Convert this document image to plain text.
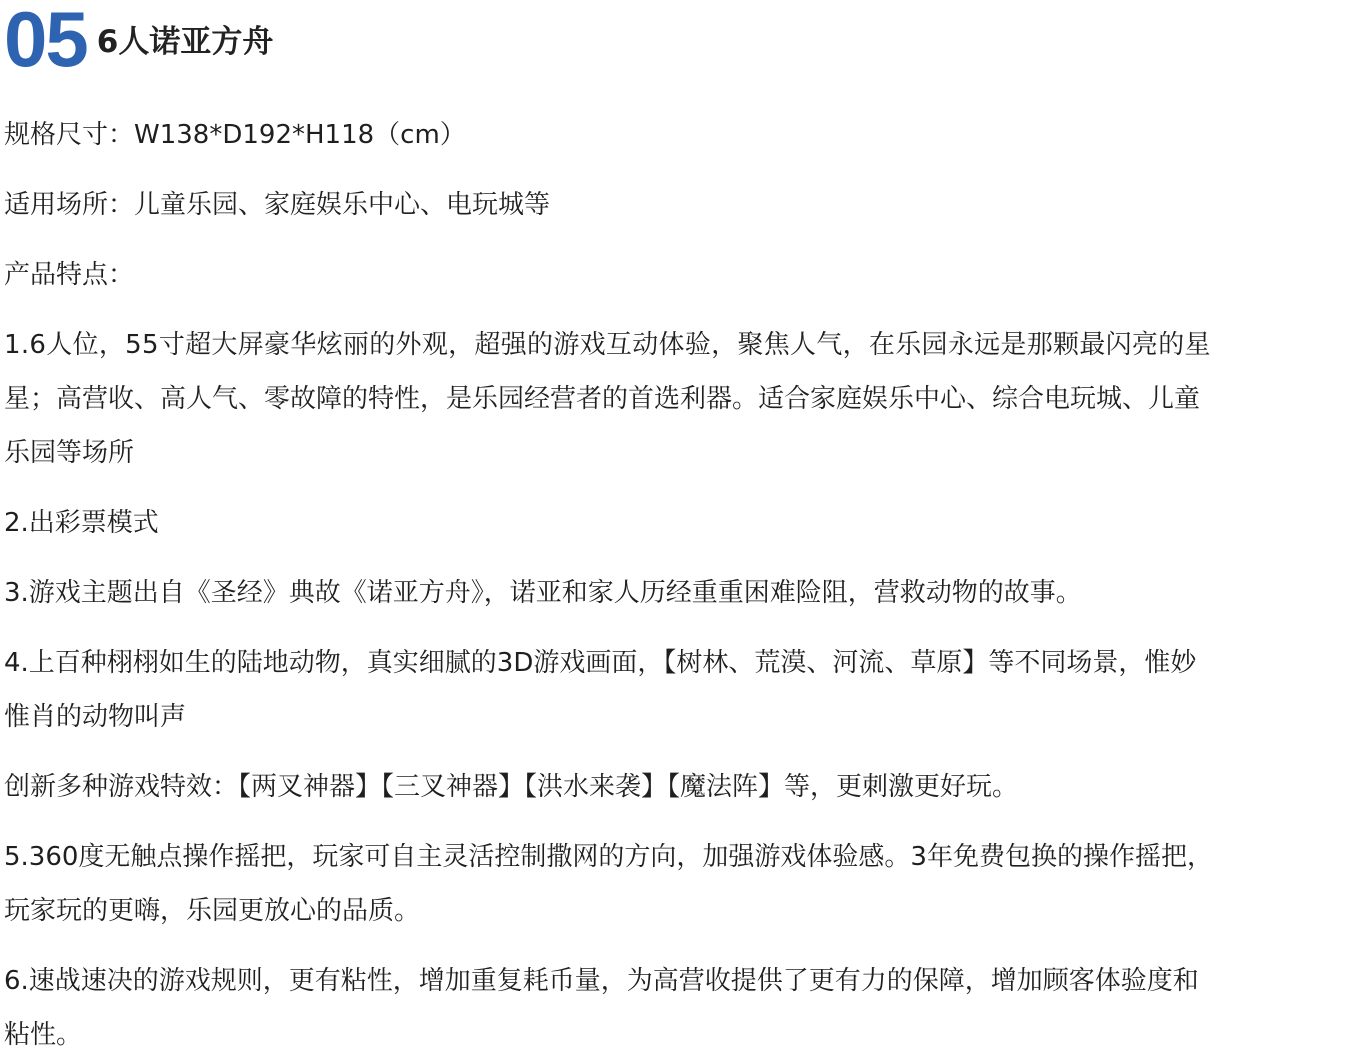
05 6人诺亚方舟

规格尺寸：W138*D192*H118（cm）

适用场所：儿童乐园、家庭娱乐中心、电玩城等

产品特点：

1.6人位，55寸超大屏豪华炫丽的外观，超强的游戏互动体验，聚焦人气，在乐园永远是那颗最闪亮的星

星；高营收、高人气、零故障的特性，是乐园经营者的首选利器。适合家庭娱乐中心、综合电玩城、儿童

乐园等场所

2.出彩票模式

3.游戏主题出自《圣经》典故《诺亚方舟》，诺亚和家人历经重重困难险阻，营救动物的故事。

4.上百种栩栩如生的陆地动物，真实细腻的3D游戏画面，【树林、荒漠、河流、草原】等不同场景，惟妙

惟肖的动物叫声

创新多种游戏特效：【两叉神器】【三叉神器】【洪水来袭】【魔法阵】等，更刺激更好玩。

5.360度无触点操作摇把，玩家可自主灵活控制撒网的方向，加强游戏体验感。3年免费包换的操作摇把，

玩家玩的更嗨，乐园更放心的品质。

6.速战速决的游戏规则，更有粘性，增加重复耗币量，为高营收提供了更有力的保障，增加顾客体验度和

粘性。
